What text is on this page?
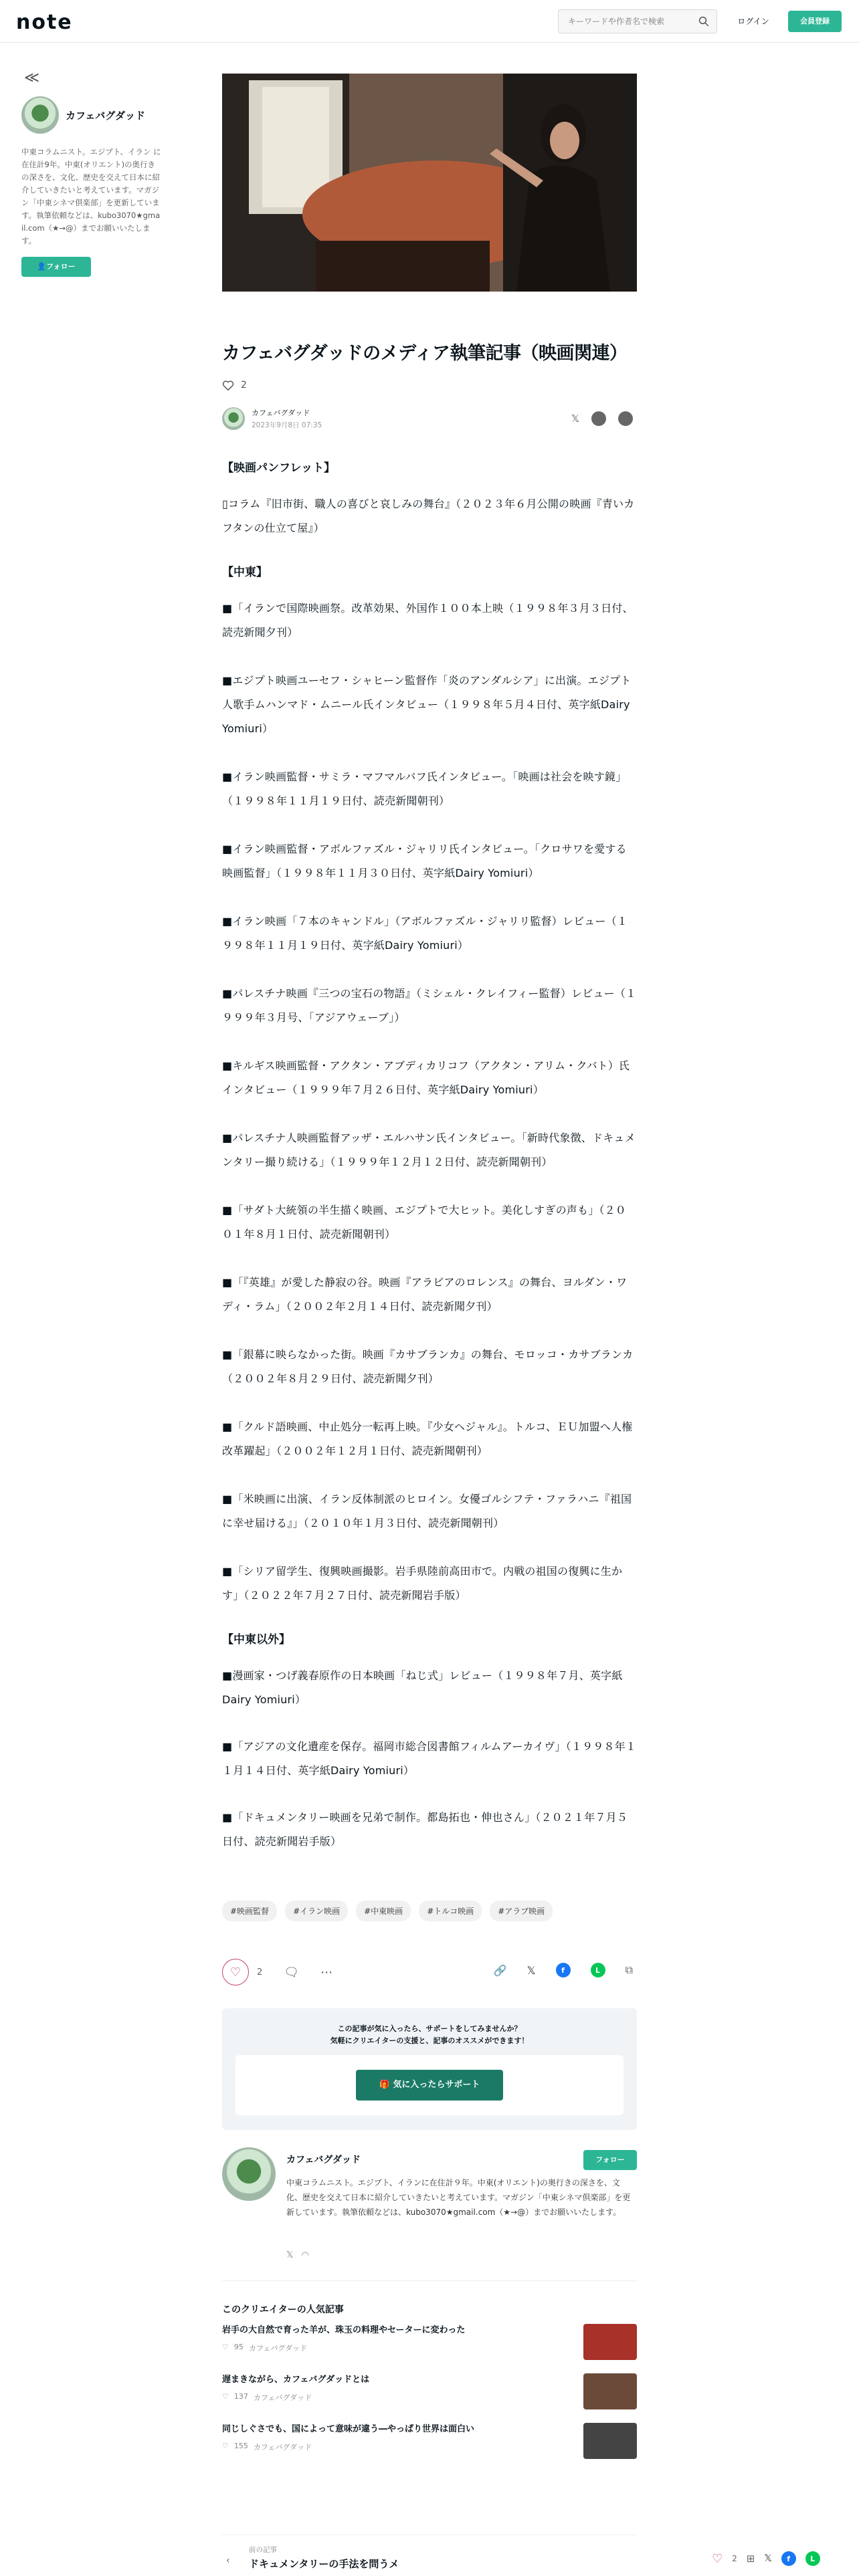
note
キーワードや作者名で検索	ログイン	会員登録
≪
カフェバグダッド

中東コラムニスト。エジプト、イラン に在住計9年。中東(オリエント)の奥行きの深さを、文化、歴史を交えて日本に紹介していきたいと考えています。マガジン「中東シネマ倶楽部」を更新しています。執筆依頼などは、kubo3070★gmail.com（★→@）までお願いいたします。

👤フォロー
カフェバグダッドのメディア執筆記事（映画関連）
2
カフェバグダッド
2023年9月8日 07:35
𝕏	f	…
【映画パンフレット】

▯コラム『旧市街、職人の喜びと哀しみの舞台』（２０２３年６月公開の映画『青いカフタンの仕立て屋』）

【中東】

■「イランで国際映画祭。改革効果、外国作１００本上映（１９９８年３月３日付、読売新聞夕刊）

■エジプト映画ユーセフ・シャヒーン監督作「炎のアンダルシア」に出演。エジプト人歌手ムハンマド・ムニール氏インタビュー（１９９８年５月４日付、英字紙Dairy Yomiuri）

■イラン映画監督・サミラ・マフマルバフ氏インタビュー。「映画は社会を映す鏡」（１９９８年１１月１９日付、読売新聞朝刊）

■イラン映画監督・アボルファズル・ジャリリ氏インタビュー。「クロサワを愛する映画監督」（１９９８年１１月３０日付、英字紙Dairy Yomiuri）

■イラン映画「７本のキャンドル」（アボルファズル・ジャリリ監督）レビュー（１９９８年１１月１９日付、英字紙Dairy Yomiuri）

■パレスチナ映画『三つの宝石の物語』（ミシェル・クレイフィー監督）レビュー（１９９９年３月号、「アジアウェーブ」）

■キルギス映画監督・アクタン・アブディカリコフ（アクタン・アリム・クバト）氏インタビュー（１９９９年７月２６日付、英字紙Dairy Yomiuri）

■パレスチナ人映画監督アッザ・エルハサン氏インタビュー。「新時代象徴、ドキュメンタリー撮り続ける」（１９９９年１２月１２日付、読売新聞朝刊）

■「サダト大統領の半生描く映画、エジプトで大ヒット。美化しすぎの声も」（２００１年８月１日付、読売新聞朝刊）

■「『英雄』が愛した静寂の谷。映画『アラビアのロレンス』の舞台、ヨルダン・ワディ・ラム」（２００２年２月１４日付、読売新聞夕刊）

■「銀幕に映らなかった街。映画『カサブランカ』の舞台、モロッコ・カサブランカ（２００２年８月２９日付、読売新聞夕刊）

■「クルド語映画、中止処分一転再上映。『少女ヘジャル』。トルコ、ＥＵ加盟へ人権改革躍起」（２００２年１２月１日付、読売新聞朝刊）

■「米映画に出演、イラン反体制派のヒロイン。女優ゴルシフテ・ファラハニ『祖国に幸せ届ける』」（２０１０年１月３日付、読売新聞朝刊）

■「シリア留学生、復興映画撮影。岩手県陸前高田市で。内戦の祖国の復興に生かす」（２０２２年７月２７日付、読売新聞岩手版）

【中東以外】

■漫画家・つげ義春原作の日本映画「ねじ式」レビュー（１９９８年７月、英字紙Dairy Yomiuri）

■「アジアの文化遺産を保存。福岡市総合図書館フィルムアーカイヴ」（１９９８年１１月１４日付、英字紙Dairy Yomiuri）

■「ドキュメンタリー映画を兄弟で制作。都島拓也・伸也さん」（２０２１年７月５日付、読売新聞岩手版）

#映画監督	#イラン映画	#中東映画	#トルコ映画	#アラブ映画
♡ 2 🗨 ⋯	🔗 𝕏	f	L	⧉

この記事が気に入ったら、サポートをしてみませんか？

気軽にクリエイターの支援と、記事のオススメができます！

🎁 気に入ったらサポート
カフェバグダッド	フォロー

中東コラムニスト。エジプト、イランに在住計９年。中東(オリエント)の奥行きの深さを、文化、歴史を交えて日本に紹介していきたいと考えています。マガジン「中東シネマ倶楽部」を更新しています。執筆依頼などは、kubo3070★gmail.com（★→@）までお願いいたします。

𝕏 ◠
このクリエイターの人気記事
岩手の大自然で育った羊が、珠玉の料理やセーターに変わった
♡ 95 カフェバグダッド
遅まきながら、カフェバグダッドとは
♡ 137 カフェバグダッド
同じしぐさでも、国によって意味が違う―やっぱり世界は面白い
♡ 155 カフェバグダッド
‹
前の記事
ドキュメンタリーの手法を問うメ	♡ 2 ⊞ 𝕏	f	L
